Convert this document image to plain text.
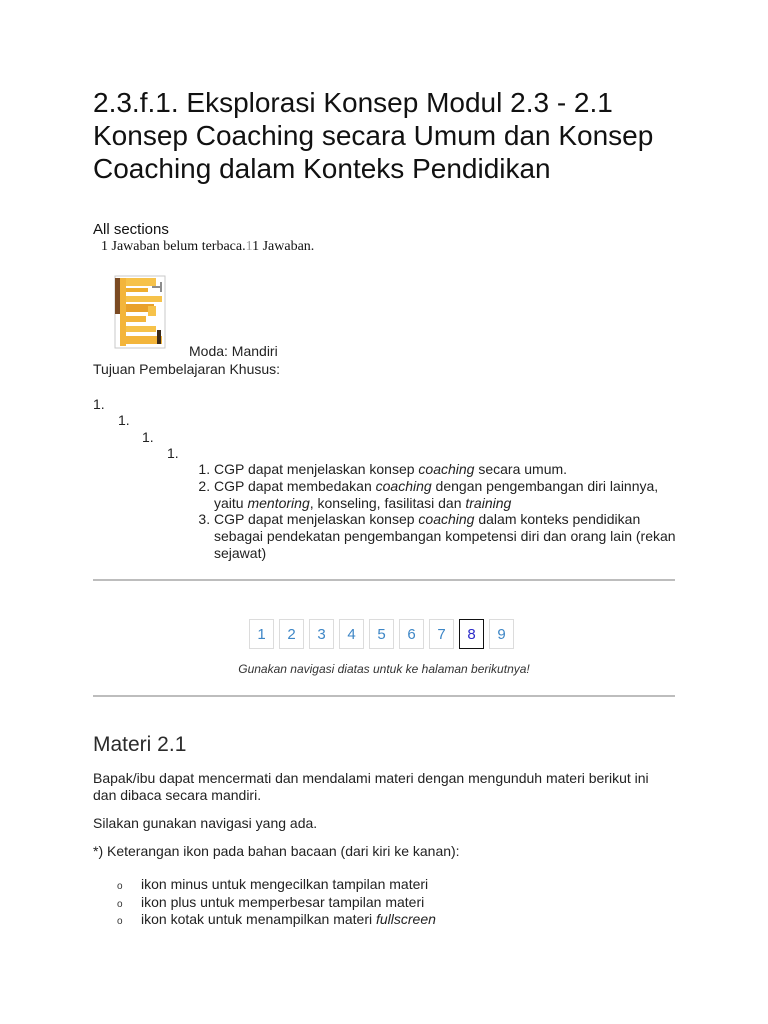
2.3.f.1. Eksplorasi Konsep Modul 2.3 - 2.1 Konsep Coaching secara Umum dan Konsep Coaching dalam Konteks Pendidikan
All sections
1 Jawaban belum terbaca.11 Jawaban.
Moda: Mandiri
Tujuan Pembelajaran Khusus:
1.
1.
1.
1.
1. CGP dapat menjelaskan konsep coaching secara umum.
2. CGP dapat membedakan coaching dengan pengembangan diri lainnya, yaitu mentoring, konseling, fasilitasi dan training
3. CGP dapat menjelaskan konsep coaching dalam konteks pendidikan sebagai pendekatan pengembangan kompetensi diri dan orang lain (rekan sejawat)
1	2	3	4	5	6	7	8	9
Gunakan navigasi diatas untuk ke halaman berikutnya!
Materi 2.1

Bapak/ibu dapat mencermati dan mendalami materi dengan mengunduh materi berikut ini dan dibaca secara mandiri.

Silakan gunakan navigasi yang ada.

*) Keterangan ikon pada bahan bacaan (dari kiri ke kanan):

o ikon minus untuk mengecilkan tampilan materi
o ikon plus untuk memperbesar tampilan materi
o ikon kotak untuk menampilkan materi fullscreen
